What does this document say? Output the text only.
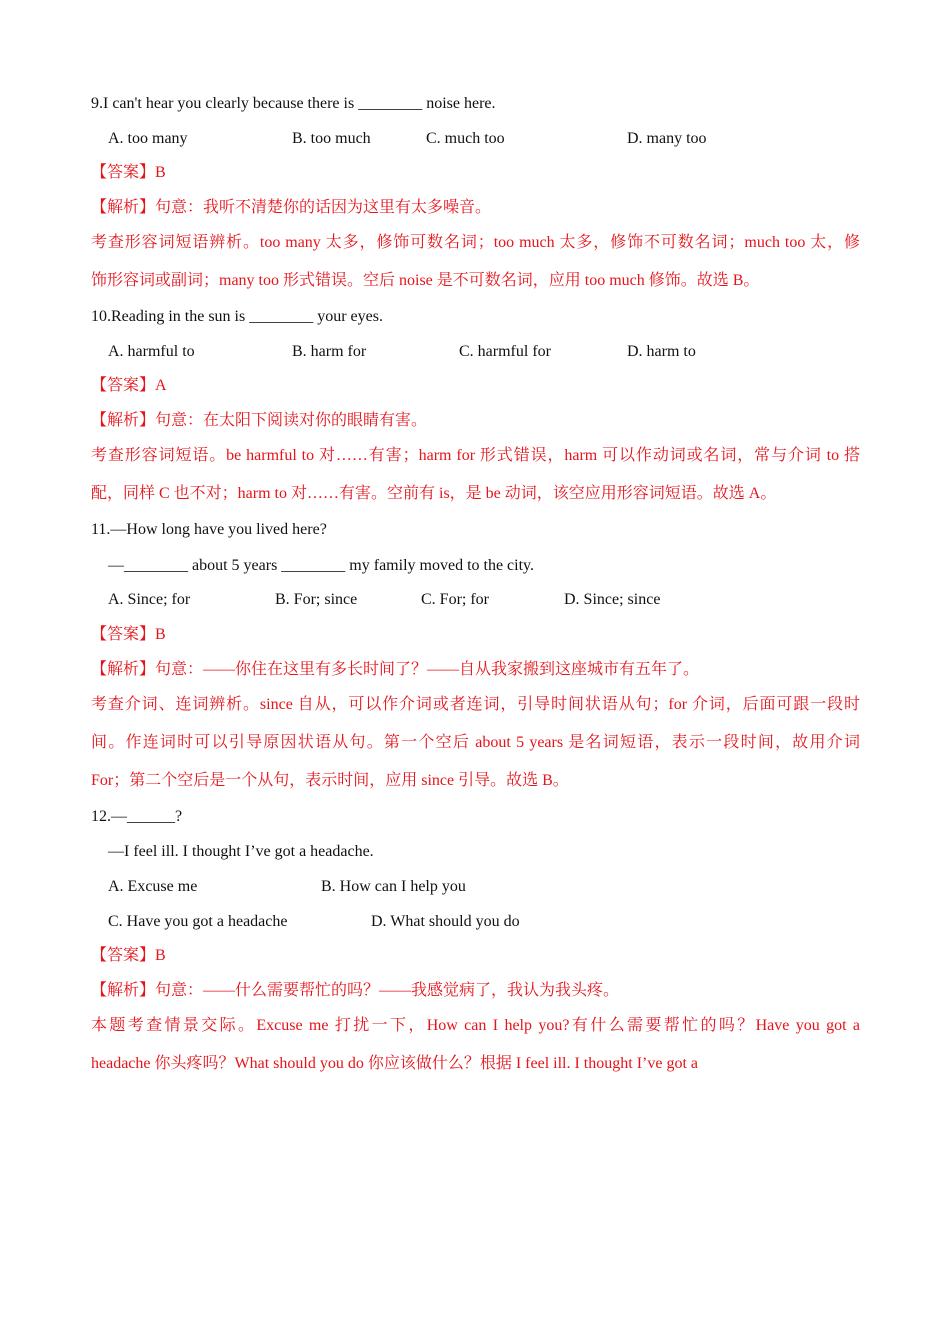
9.I can't hear you clearly because there is ________ noise here.
A. too many	B. too much	C. much too	D. many too
【答案】B
【解析】句意：我听不清楚你的话因为这里有太多噪音。
考查形容词短语辨析。too many 太多，修饰可数名词；too much 太多，修饰不可数名词；much too 太，修
饰形容词或副词；many too 形式错误。空后 noise 是不可数名词，应用 too much 修饰。故选 B。
10.Reading in the sun is ________ your eyes.
A. harmful to	B. harm for	C. harmful for	D. harm to
【答案】A
【解析】句意：在太阳下阅读对你的眼睛有害。
考查形容词短语。be harmful to 对……有害；harm for 形式错误，harm 可以作动词或名词，常与介词 to 搭
配，同样 C 也不对；harm to 对……有害。空前有 is，是 be 动词，该空应用形容词短语。故选 A。
11.—How long have you lived here?
—________ about 5 years ________ my family moved to the city.
A. Since; for	B. For; since	C. For; for	D. Since; since
【答案】B
【解析】句意：——你住在这里有多长时间了？——自从我家搬到这座城市有五年了。
考查介词、连词辨析。since 自从，可以作介词或者连词，引导时间状语从句；for 介词，后面可跟一段时
间。作连词时可以引导原因状语从句。第一个空后 about 5 years 是名词短语，表示一段时间，故用介词
For；第二个空后是一个从句，表示时间，应用 since 引导。故选 B。
12.—______?
—I feel ill. I thought I’ve got a headache.
A. Excuse me	B. How can I help you
C. Have you got a headache	D. What should you do
【答案】B
【解析】句意：——什么需要帮忙的吗？——我感觉病了，我认为我头疼。
本题考查情景交际。Excuse me 打扰一下，How can I help you?有什么需要帮忙的吗？Have you got a
headache 你头疼吗？What should you do 你应该做什么？根据 I feel ill. I thought I’ve got a
